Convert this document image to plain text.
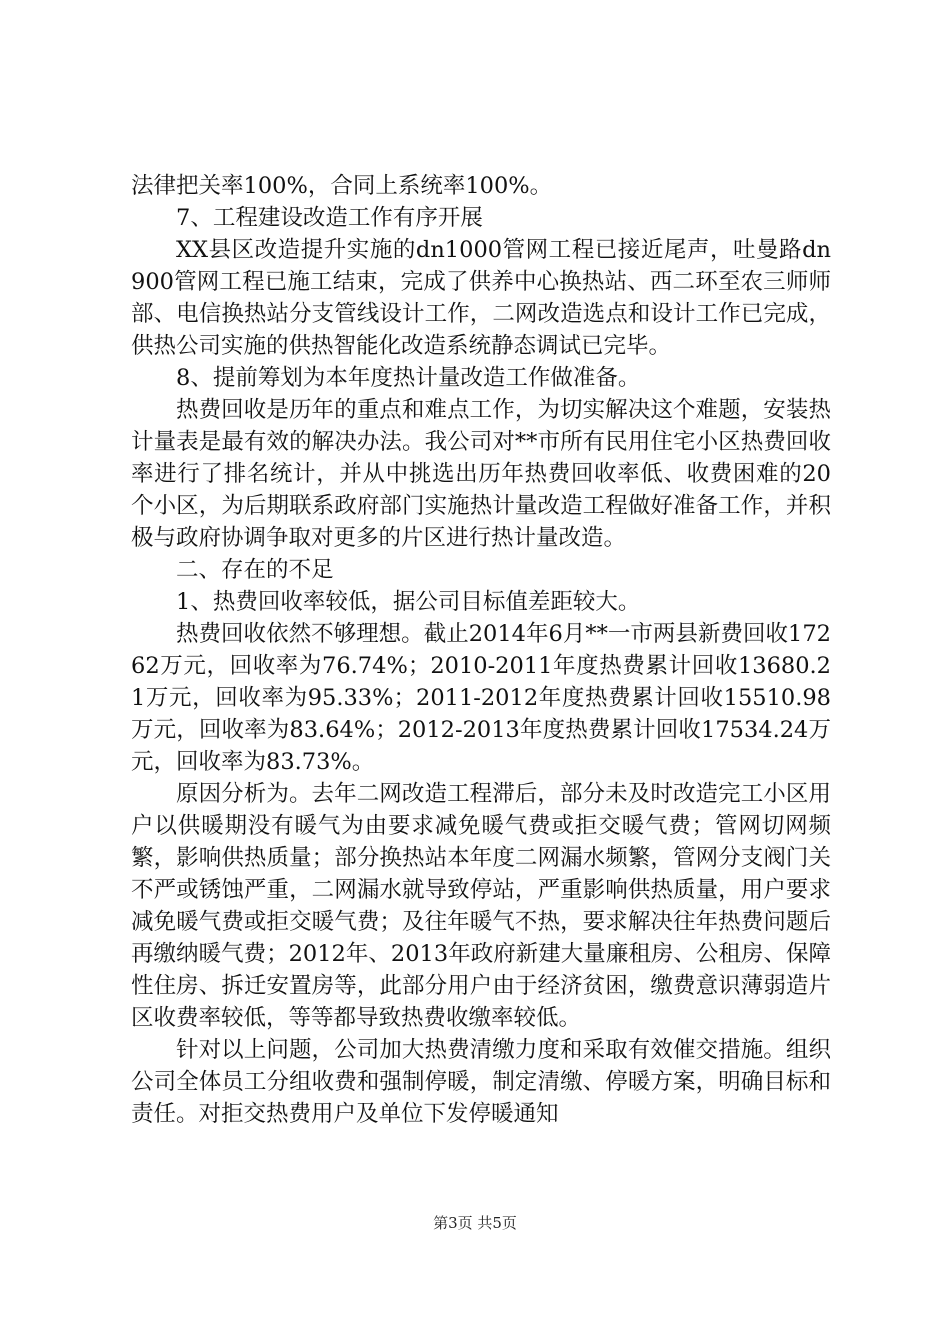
法律把关率100%，合同上系统率100%。

7、工程建设改造工作有序开展

XX县区改造提升实施的dn1000管网工程已接近尾声，吐曼路dn900管网工程已施工结束，完成了供养中心换热站、西二环至农三师师部、电信换热站分支管线设计工作，二网改造选点和设计工作已完成，供热公司实施的供热智能化改造系统静态调试已完毕。

8、提前筹划为本年度热计量改造工作做准备。

热费回收是历年的重点和难点工作，为切实解决这个难题，安装热计量表是最有效的解决办法。我公司对**市所有民用住宅小区热费回收率进行了排名统计，并从中挑选出历年热费回收率低、收费困难的20个小区，为后期联系政府部门实施热计量改造工程做好准备工作，并积极与政府协调争取对更多的片区进行热计量改造。

二、存在的不足

1、热费回收率较低，据公司目标值差距较大。

热费回收依然不够理想。截止2014年6月**一市两县新费回收17262万元，回收率为76.74%；2010-2011年度热费累计回收13680.21万元，回收率为95.33%；2011-2012年度热费累计回收15510.98万元，回收率为83.64%；2012-2013年度热费累计回收17534.24万元，回收率为83.73%。

原因分析为。去年二网改造工程滞后，部分未及时改造完工小区用户以供暖期没有暖气为由要求减免暖气费或拒交暖气费；管网切网频繁，影响供热质量；部分换热站本年度二网漏水频繁，管网分支阀门关不严或锈蚀严重，二网漏水就导致停站，严重影响供热质量，用户要求减免暖气费或拒交暖气费；及往年暖气不热，要求解决往年热费问题后再缴纳暖气费；2012年、2013年政府新建大量廉租房、公租房、保障性住房、拆迁安置房等，此部分用户由于经济贫困，缴费意识薄弱造片区收费率较低，等等都导致热费收缴率较低。

针对以上问题，公司加大热费清缴力度和采取有效催交措施。组织公司全体员工分组收费和强制停暖，制定清缴、停暖方案，明确目标和责任。对拒交热费用户及单位下发停暖通知

第3页 共5页
